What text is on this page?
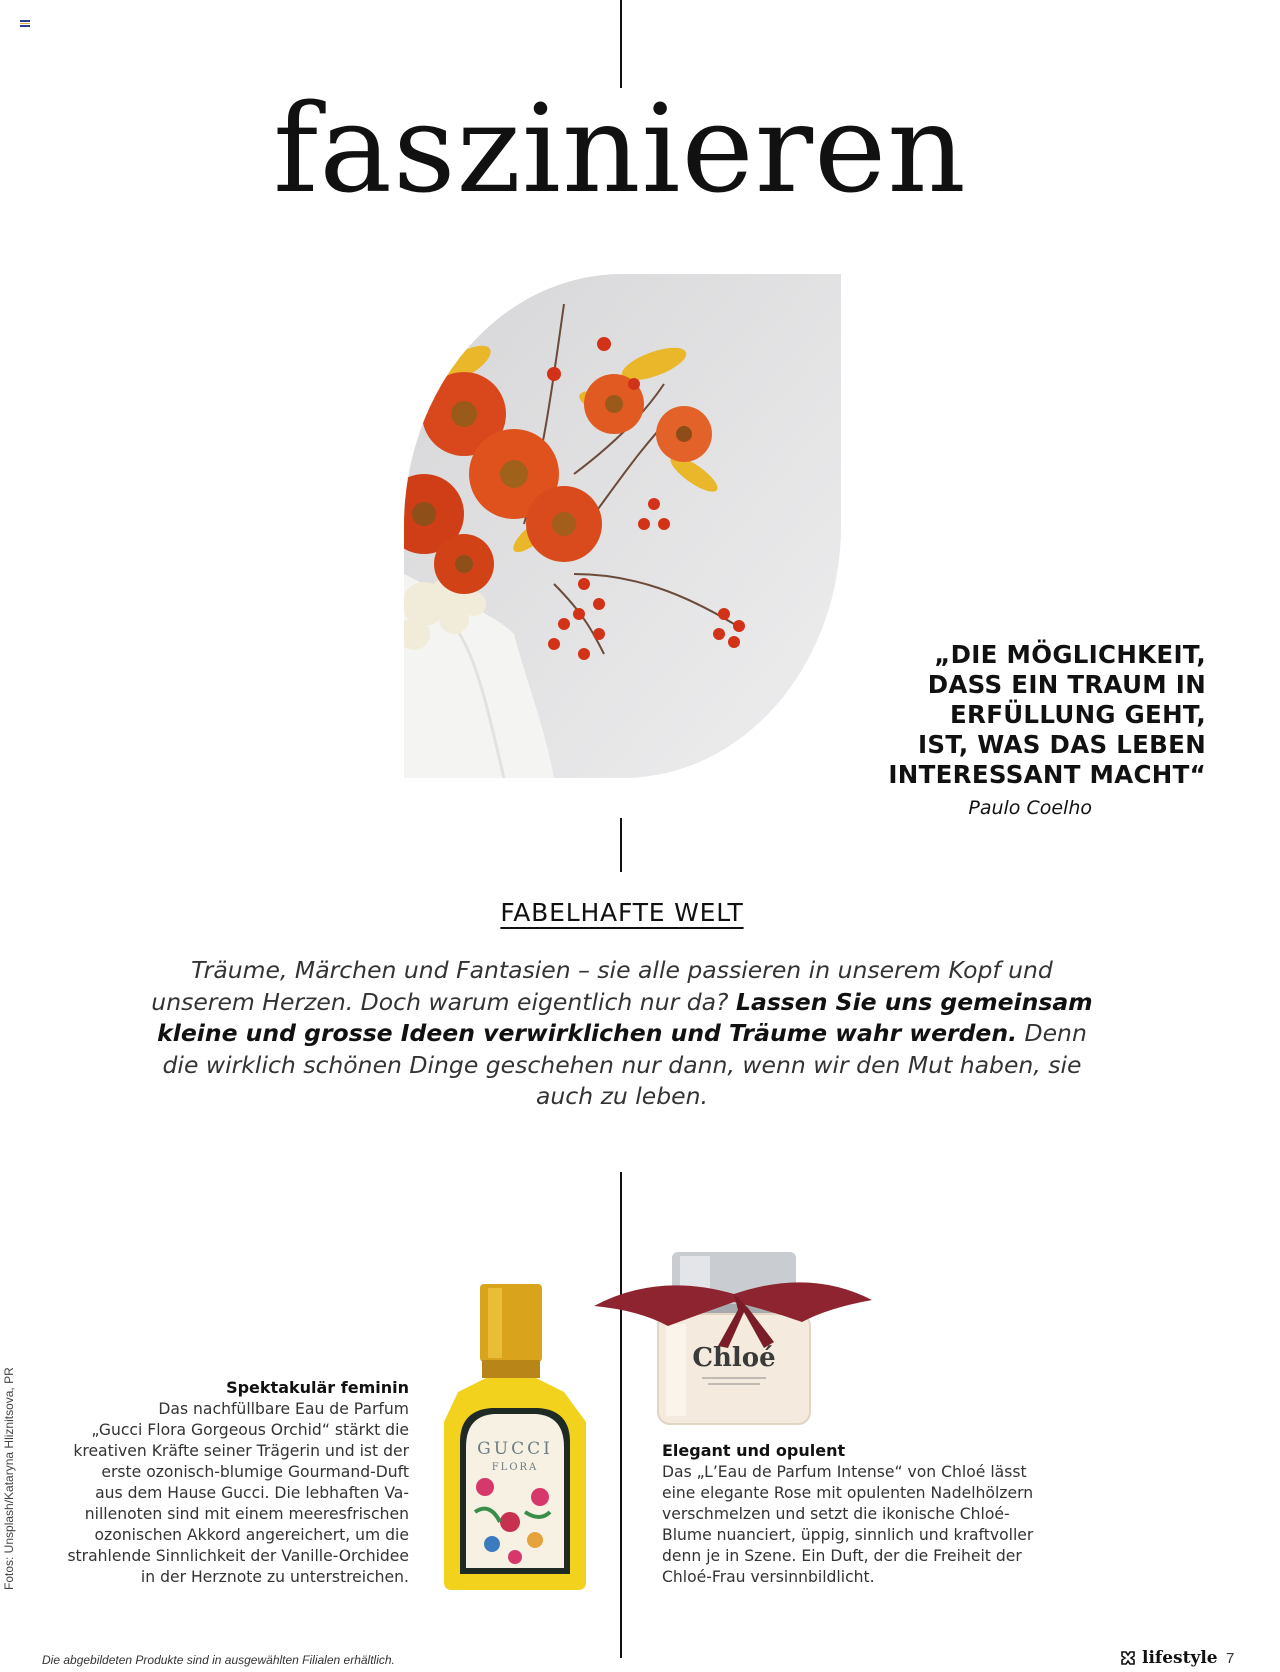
faszinieren
„DIE MÖGLICHKEIT,
DASS EIN TRAUM IN
ERFÜLLUNG GEHT,
IST, WAS DAS LEBEN
INTERESSANT MACHT“
Paulo Coelho
FABELHAFTE WELT
Träume, Märchen und Fantasien – sie alle passieren in unserem Kopf und unserem Herzen. Doch warum eigentlich nur da? Lassen Sie uns gemeinsam kleine und grosse Ideen verwirklichen und Träume wahr werden. Denn die wirklich schönen Dinge geschehen nur dann, wenn wir den Mut haben, sie auch zu leben.
GUCCI
FLORA
Chloé
Spektakulär feminin
Das nachfüllbare Eau de Parfum
„Gucci Flora Gorgeous Orchid“ stärkt die
kreativen Kräfte seiner Trägerin und ist der
erste ozonisch-blumige Gourmand-Duft
aus dem Hause Gucci. Die lebhaften Va-
nillenoten sind mit einem meeresfrischen
ozonischen Akkord angereichert, um die
strahlende Sinnlichkeit der Vanille-Orchidee
in der Herznote zu unterstreichen.
Elegant und opulent
Das „L’Eau de Parfum Intense“ von Chloé lässt
eine elegante Rose mit opulenten Nadelhölzern
verschmelzen und setzt die ikonische Chloé-
Blume nuanciert, üppig, sinnlich und kraftvoller
denn je in Szene. Ein Duft, der die Freiheit der
Chloé-Frau versinnbildlicht.
Fotos: Unsplash/Kataryna Hliznitsova, PR
Die abgebildeten Produkte sind in ausgewählten Filialen erhältlich.	lifestyle 7
